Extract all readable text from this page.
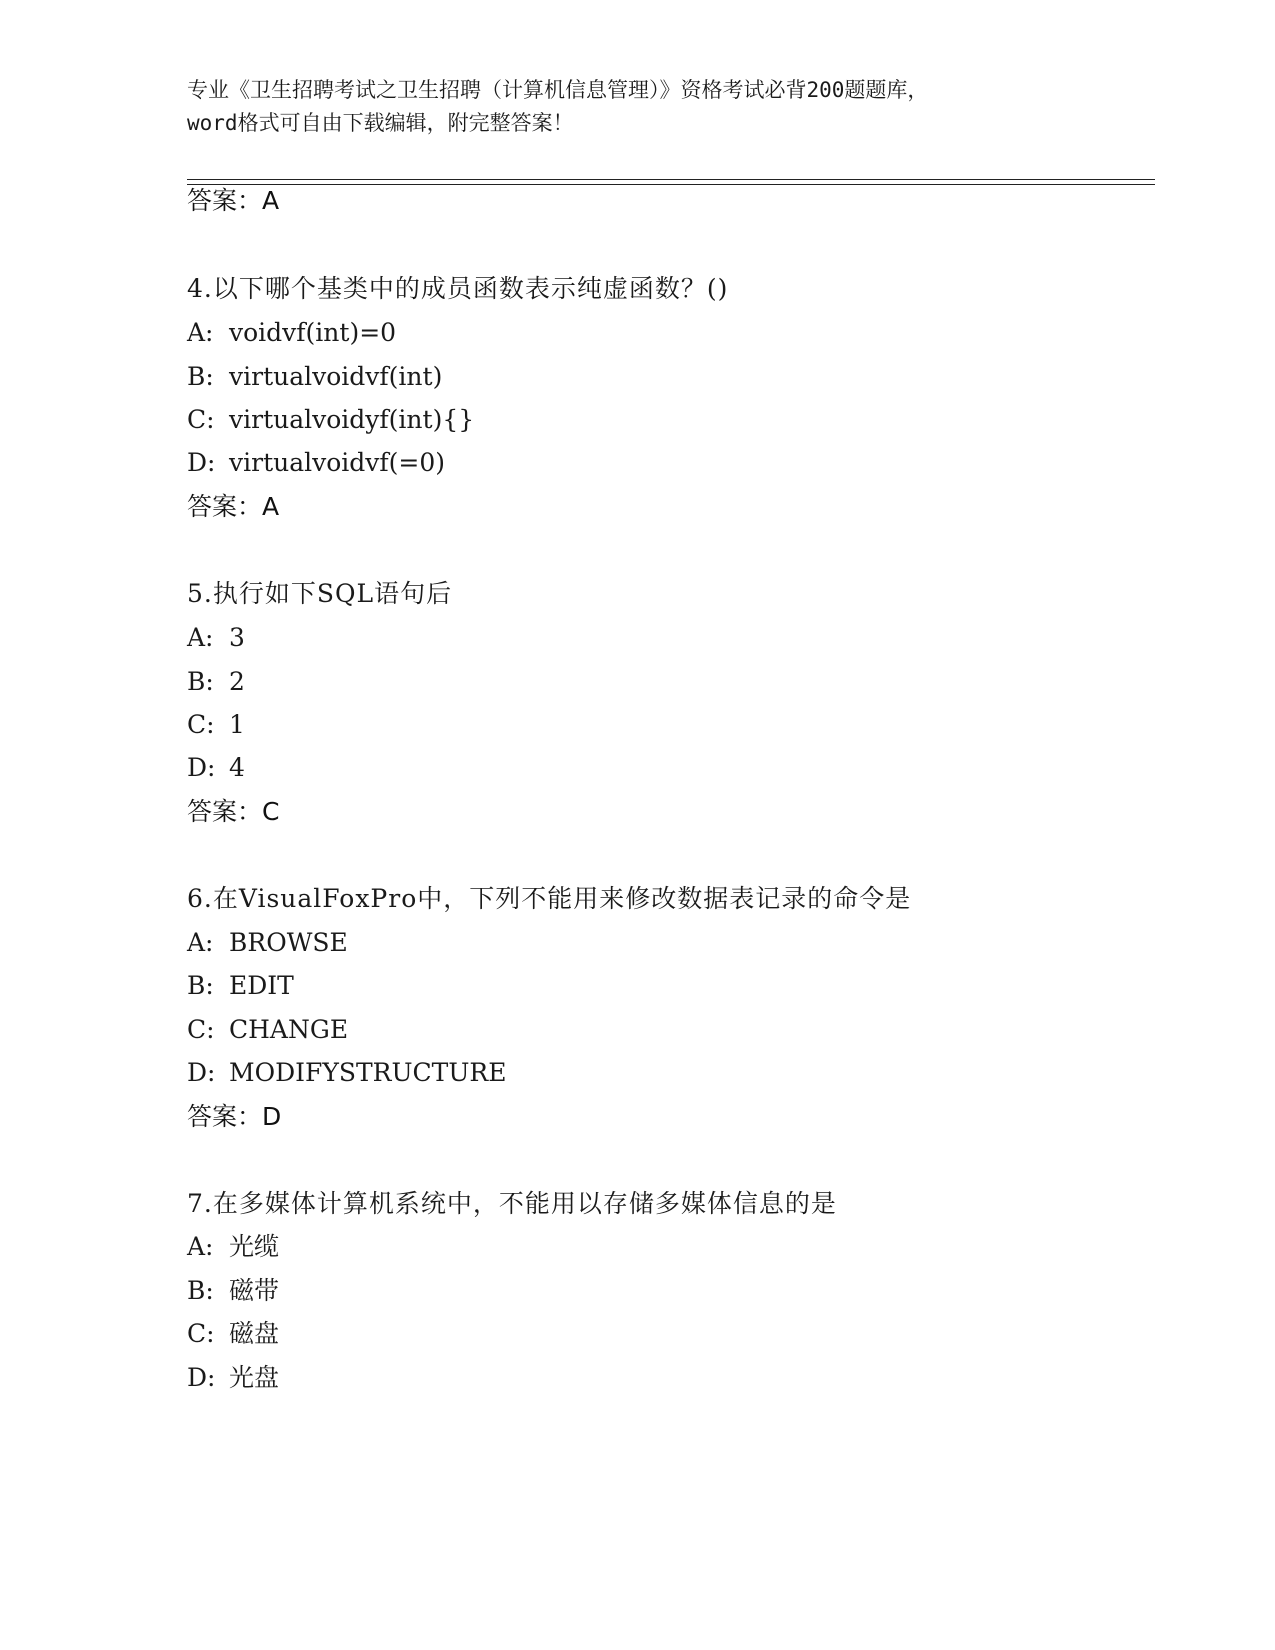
专业《卫生招聘考试之卫生招聘（计算机信息管理）》资格考试必背200题题库，
word格式可自由下载编辑，附完整答案！
答案：A
4.以下哪个基类中的成员函数表示纯虚函数？()
A: voidvf(int)=0
B: virtualvoidvf(int)
C: virtualvoidyf(int){}
D: virtualvoidvf(=0)
答案：A
5.执行如下SQL语句后
A: 3
B: 2
C: 1
D: 4
答案：C
6.在VisualFoxPro中，下列不能用来修改数据表记录的命令是
A: BROWSE
B: EDIT
C: CHANGE
D: MODIFYSTRUCTURE
答案：D
7.在多媒体计算机系统中，不能用以存储多媒体信息的是
A: 光缆
B: 磁带
C: 磁盘
D: 光盘
